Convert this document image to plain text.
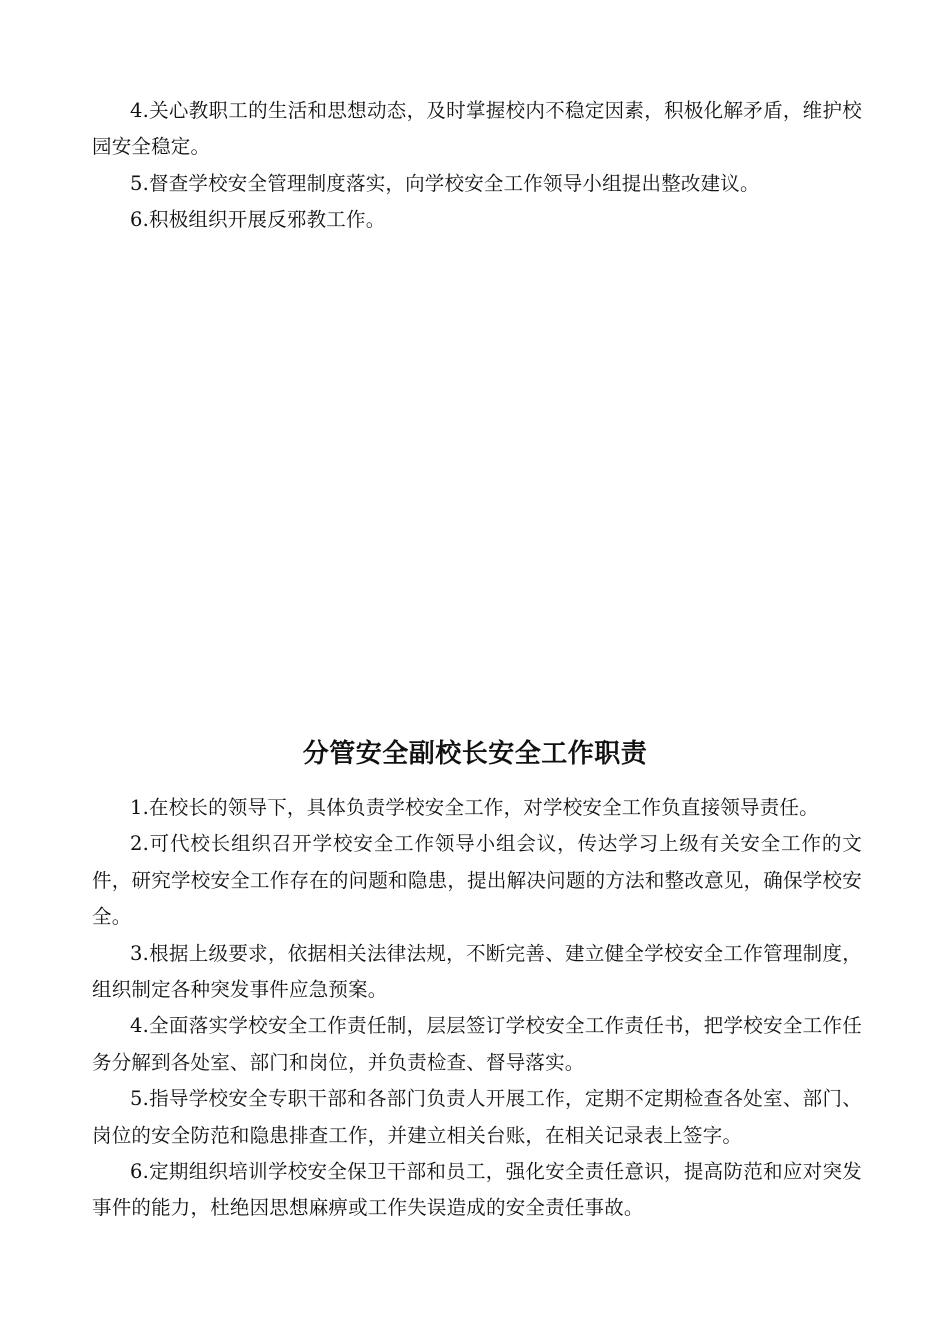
4.关心教职工的生活和思想动态，及时掌握校内不稳定因素，积极化解矛盾，维护校园安全稳定。

5.督查学校安全管理制度落实，向学校安全工作领导小组提出整改建议。

6.积极组织开展反邪教工作。

分管安全副校长安全工作职责

1.在校长的领导下，具体负责学校安全工作，对学校安全工作负直接领导责任。

2.可代校长组织召开学校安全工作领导小组会议，传达学习上级有关安全工作的文件，研究学校安全工作存在的问题和隐患，提出解决问题的方法和整改意见，确保学校安全。

3.根据上级要求，依据相关法律法规，不断完善、建立健全学校安全工作管理制度，组织制定各种突发事件应急预案。

4.全面落实学校安全工作责任制，层层签订学校安全工作责任书，把学校安全工作任务分解到各处室、部门和岗位，并负责检查、督导落实。

5.指导学校安全专职干部和各部门负责人开展工作，定期不定期检查各处室、部门、岗位的安全防范和隐患排查工作，并建立相关台账，在相关记录表上签字。

6.定期组织培训学校安全保卫干部和员工，强化安全责任意识，提高防范和应对突发事件的能力，杜绝因思想麻痹或工作失误造成的安全责任事故。
